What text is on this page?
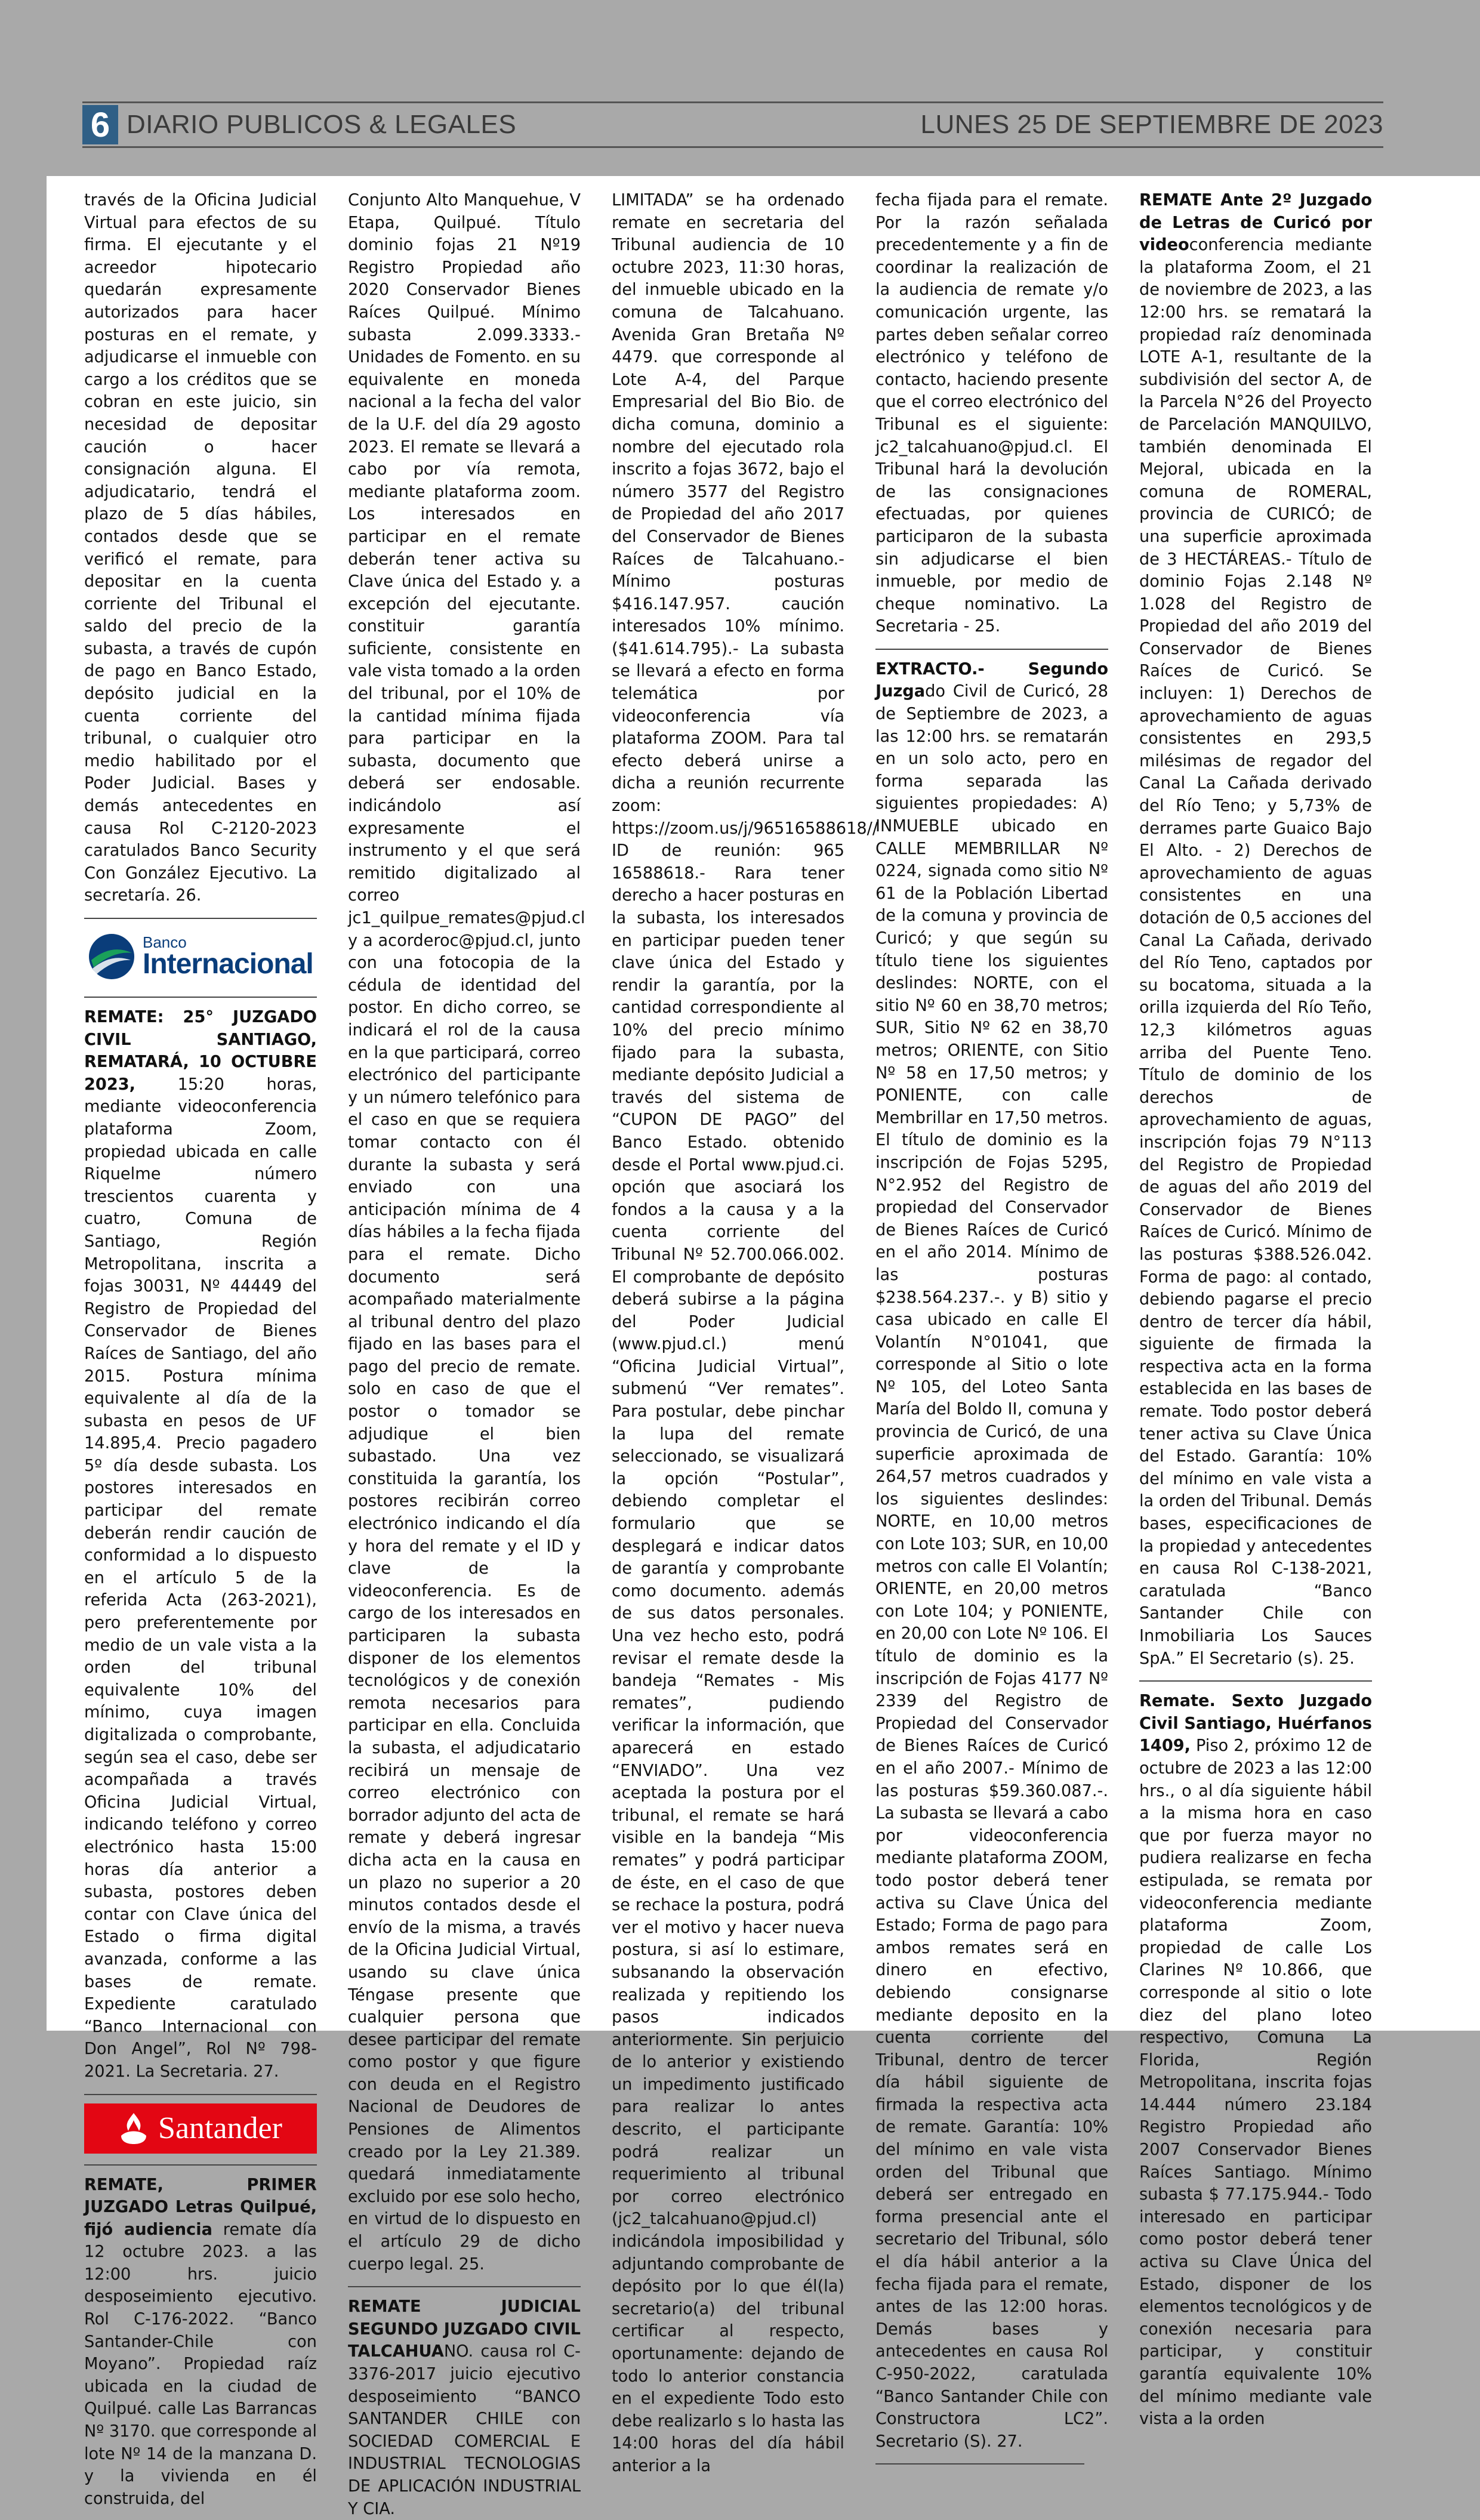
6 DIARIO PUBLICOS & LEGALES	LUNES 25 DE SEPTIEMBRE DE 2023

través de la Oficina Judicial Virtual para efectos de su firma. El ejecutante y el acreedor hipotecario quedarán expresamente autorizados para hacer posturas en el remate, y adjudicarse el inmueble con cargo a los créditos que se cobran en este juicio, sin necesidad de depositar caución o hacer consignación alguna. El adjudicatario, tendrá el plazo de 5 días hábiles, contados desde que se verificó el remate, para depositar en la cuenta corriente del Tribunal el saldo del precio de la subasta, a través de cupón de pago en Banco Estado, depósito judicial en la cuenta corriente del tribunal, o cualquier otro medio habilitado por el Poder Judicial. Bases y demás antecedentes en causa Rol C-2120-2023 caratulados Banco Security Con González Ejecutivo. La secretaría. 26.

Banco
Internacional

REMATE: 25° JUZGADO CIVIL SANTIAGO, REMATARÁ, 10 OCTUBRE 2023, 15:20 horas, mediante videoconferencia plataforma Zoom, propiedad ubicada en calle Riquelme número trescientos cuarenta y cuatro, Comuna de Santiago, Región Metropolitana, inscrita a fojas 30031, Nº 44449 del Registro de Propiedad del Conservador de Bienes Raíces de Santiago, del año 2015. Postura mínima equivalente al día de la subasta en pesos de UF 14.895,4. Precio pagadero 5º día desde subasta. Los postores interesados en participar del remate deberán rendir caución de conformidad a lo dispuesto en el artículo 5 de la referida Acta (263-2021), pero preferentemente por medio de un vale vista a la orden del tribunal equivalente 10% del mínimo, cuya imagen digitalizada o comprobante, según sea el caso, debe ser acompañada a través Oficina Judicial Virtual, indicando teléfono y correo electrónico hasta 15:00 horas día anterior a subasta, postores deben contar con Clave única del Estado o firma digital avanzada, conforme a las bases de remate. Expediente caratulado “Banco Internacional con Don Angel”, Rol Nº 798-2021. La Secretaria. 27.

Santander

REMATE, PRIMER JUZGADO Letras Quilpué, fijó audiencia remate día 12 octubre 2023. a las 12:00 hrs. juicio desposeimiento ejecutivo. Rol C-176-2022. “Banco Santander-Chile con Moyano”. Propiedad raíz ubicada en la ciudad de Quilpué. calle Las Barrancas Nº 3170. que corresponde al lote Nº 14 de la manzana D. y la vivienda en él construida, del

Conjunto Alto Manquehue, V Etapa, Quilpué. Título dominio fojas 21 Nº19 Registro Propiedad año 2020 Conservador Bienes Raíces Quilpué. Mínimo subasta 2.099.3333.- Unidades de Fomento. en su equivalente en moneda nacional a la fecha del valor de la U.F. del día 29 agosto 2023. El remate se llevará a cabo por vía remota, mediante plataforma zoom. Los interesados en participar en el remate deberán tener activa su Clave única del Estado y. a excepción del ejecutante. constituir garantía suficiente, consistente en vale vista tomado a la orden del tribunal, por el 10% de la cantidad mínima fijada para participar en la subasta, documento que deberá ser endosable. indicándolo así expresamente el instrumento y el que será remitido digitalizado al correo jc1_quilpue_remates@pjud.cl y a acorderoc@pjud.cl, junto con una fotocopia de la cédula de identidad del postor. En dicho correo, se indicará el rol de la causa en la que participará, correo electrónico del participante y un número telefónico para el caso en que se requiera tomar contacto con él durante la subasta y será enviado con una anticipación mínima de 4 días hábiles a la fecha fijada para el remate. Dicho documento será acompañado materialmente al tribunal dentro del plazo fijado en las bases para el pago del precio de remate. solo en caso de que el postor o tomador se adjudique el bien subastado. Una vez constituida la garantía, los postores recibirán correo electrónico indicando el día y hora del remate y el ID y clave de la videoconferencia. Es de cargo de los interesados en participaren la subasta disponer de los elementos tecnológicos y de conexión remota necesarios para participar en ella. Concluida la subasta, el adjudicatario recibirá un mensaje de correo electrónico con borrador adjunto del acta de remate y deberá ingresar dicha acta en la causa en un plazo no superior a 20 minutos contados desde el envío de la misma, a través de la Oficina Judicial Virtual, usando su clave única Téngase presente que cualquier persona que desee participar del remate como postor y que figure con deuda en el Registro Nacional de Deudores de Pensiones de Alimentos creado por la Ley 21.389. quedará inmediatamente excluido por ese solo hecho, en virtud de lo dispuesto en el artículo 29 de dicho cuerpo legal. 25.

REMATE JUDICIAL SEGUNDO JUZGADO CIVIL TALCAHUANO. causa rol C-3376-2017 juicio ejecutivo desposeimiento “BANCO SANTANDER CHILE con SOCIEDAD COMERCIAL E INDUSTRIAL TECNOLOGIAS DE APLICACIÓN INDUSTRIAL Y CIA.

LIMITADA” se ha ordenado remate en secretaria del Tribunal audiencia de 10 octubre 2023, 11:30 horas, del inmueble ubicado en la comuna de Talcahuano. Avenida Gran Bretaña Nº 4479. que corresponde al Lote A-4, del Parque Empresarial del Bio Bio. de dicha comuna, dominio a nombre del ejecutado rola inscrito a fojas 3672, bajo el número 3577 del Registro de Propiedad del año 2017 del Conservador de Bienes Raíces de Talcahuano.- Mínimo posturas $416.147.957. caución interesados 10% mínimo. ($41.614.795).- La subasta se llevará a efecto en forma telemática por videoconferencia vía plataforma ZOOM. Para tal efecto deberá unirse a dicha a reunión recurrente zoom: https://zoom.us/j/96516588618// ID de reunión: 965 16588618.- Rara tener derecho a hacer posturas en la subasta, los interesados en participar pueden tener clave única del Estado y rendir la garantía, por la cantidad correspondiente al 10% del precio mínimo fijado para la subasta, mediante depósito Judicial a través del sistema de “CUPON DE PAGO” del Banco Estado. obtenido desde el Portal www.pjud.ci. opción que asociará los fondos a la causa y a la cuenta corriente del Tribunal Nº 52.700.066.002. El comprobante de depósito deberá subirse a la página del Poder Judicial (www.pjud.cl.) menú “Oficina Judicial Virtual”, submenú “Ver remates”. Para postular, debe pinchar la lupa del remate seleccionado, se visualizará la opción “Postular”, debiendo completar el formulario que se desplegará e indicar datos de garantía y comprobante como documento. además de sus datos personales. Una vez hecho esto, podrá revisar el remate desde la bandeja “Remates - Mis remates”, pudiendo verificar la información, que aparecerá en estado “ENVIADO”. Una vez aceptada la postura por el tribunal, el remate se hará visible en la bandeja “Mis remates” y podrá participar de éste, en el caso de que se rechace la postura, podrá ver el motivo y hacer nueva postura, si así lo estimare, subsanando la observación realizada y repitiendo los pasos indicados anteriormente. Sin perjuicio de lo anterior y existiendo un impedimento justificado para realizar lo antes descrito, el participante podrá realizar un requerimiento al tribunal por correo electrónico (jc2_talcahuano@pjud.cl) indicándola imposibilidad y adjuntando comprobante de depósito por lo que él(la) secretario(a) del tribunal certificar al respecto, oportunamente: dejando de todo lo anterior constancia en el expediente Todo esto debe realizarlo s lo hasta las 14:00 horas del día hábil anterior a la

fecha fijada para el remate. Por la razón señalada precedentemente y a fin de coordinar la realización de la audiencia de remate y/o comunicación urgente, las partes deben señalar correo electrónico y teléfono de contacto, haciendo presente que el correo electrónico del Tribunal es el siguiente: jc2_talcahuano@pjud.cl. El Tribunal hará la devolución de las consignaciones efectuadas, por quienes participaron de la subasta sin adjudicarse el bien inmueble, por medio de cheque nominativo. La Secretaria - 25.

EXTRACTO.- Segundo Juzgado Civil de Curicó, 28 de Septiembre de 2023, a las 12:00 hrs. se rematarán en un solo acto, pero en forma separada las siguientes propiedades: A) INMUEBLE ubicado en CALLE MEMBRILLAR Nº 0224, signada como sitio Nº 61 de la Población Libertad de la comuna y provincia de Curicó; y que según su título tiene los siguientes deslindes: NORTE, con el sitio Nº 60 en 38,70 metros; SUR, Sitio Nº 62 en 38,70 metros; ORIENTE, con Sitio Nº 58 en 17,50 metros; y PONIENTE, con calle Membrillar en 17,50 metros. El título de dominio es la inscripción de Fojas 5295, N°2.952 del Registro de propiedad del Conservador de Bienes Raíces de Curicó en el año 2014. Mínimo de las posturas $238.564.237.-. y B) sitio y casa ubicado en calle El Volantín N°01041, que corresponde al Sitio o lote Nº 105, del Loteo Santa María del Boldo II, comuna y provincia de Curicó, de una superficie aproximada de 264,57 metros cuadrados y los siguientes deslindes: NORTE, en 10,00 metros con Lote 103; SUR, en 10,00 metros con calle El Volantín; ORIENTE, en 20,00 metros con Lote 104; y PONIENTE, en 20,00 con Lote Nº 106. El título de dominio es la inscripción de Fojas 4177 Nº 2339 del Registro de Propiedad del Conservador de Bienes Raíces de Curicó en el año 2007.- Mínimo de las posturas $59.360.087.-. La subasta se llevará a cabo por videoconferencia mediante plataforma ZOOM, todo postor deberá tener activa su Clave Única del Estado; Forma de pago para ambos remates será en dinero en efectivo, debiendo consignarse mediante deposito en la cuenta corriente del Tribunal, dentro de tercer día hábil siguiente de firmada la respectiva acta de remate. Garantía: 10% del mínimo en vale vista orden del Tribunal que deberá ser entregado en forma presencial ante el secretario del Tribunal, sólo el día hábil anterior a la fecha fijada para el remate, antes de las 12:00 horas. Demás bases y antecedentes en causa Rol C-950-2022, caratulada “Banco Santander Chile con Constructora LC2”. Secretario (S). 27.

REMATE Ante 2º Juzgado de Letras de Curicó por videoconferencia mediante la plataforma Zoom, el 21 de noviembre de 2023, a las 12:00 hrs. se rematará la propiedad raíz denominada LOTE A-1, resultante de la subdivisión del sector A, de la Parcela N°26 del Proyecto de Parcelación MANQUILVO, también denominada El Mejoral, ubicada en la comuna de ROMERAL, provincia de CURICÓ; de una superficie aproximada de 3 HECTÁREAS.- Título de dominio Fojas 2.148 Nº 1.028 del Registro de Propiedad del año 2019 del Conservador de Bienes Raíces de Curicó. Se incluyen: 1) Derechos de aprovechamiento de aguas consistentes en 293,5 milésimas de regador del Canal La Cañada derivado del Río Teno; y 5,73% de derrames parte Guaico Bajo El Alto. - 2) Derechos de aprovechamiento de aguas consistentes en una dotación de 0,5 acciones del Canal La Cañada, derivado del Río Teno, captados por su bocatoma, situada a la orilla izquierda del Río Teño, 12,3 kilómetros aguas arriba del Puente Teno. Título de dominio de los derechos de aprovechamiento de aguas, inscripción fojas 79 N°113 del Registro de Propiedad de aguas del año 2019 del Conservador de Bienes Raíces de Curicó. Mínimo de las posturas $388.526.042. Forma de pago: al contado, debiendo pagarse el precio dentro de tercer día hábil, siguiente de firmada la respectiva acta en la forma establecida en las bases de remate. Todo postor deberá tener activa su Clave Única del Estado. Garantía: 10% del mínimo en vale vista a la orden del Tribunal. Demás bases, especificaciones de la propiedad y antecedentes en causa Rol C-138-2021, caratulada “Banco Santander Chile con Inmobiliaria Los Sauces SpA.” El Secretario (s). 25.

Remate. Sexto Juzgado Civil Santiago, Huérfanos 1409, Piso 2, próximo 12 de octubre de 2023 a las 12:00 hrs., o al día siguiente hábil a la misma hora en caso que por fuerza mayor no pudiera realizarse en fecha estipulada, se remata por videoconferencia mediante plataforma Zoom, propiedad de calle Los Clarines Nº 10.866, que corresponde al sitio o lote diez del plano loteo respectivo, Comuna La Florida, Región Metropolitana, inscrita fojas 14.444 número 23.184 Registro Propiedad año 2007 Conservador Bienes Raíces Santiago. Mínimo subasta $ 77.175.944.- Todo interesado en participar como postor deberá tener activa su Clave Única del Estado, disponer de los elementos tecnológicos y de conexión necesaria para participar, y constituir garantía equivalente 10% del mínimo mediante vale vista a la orden
